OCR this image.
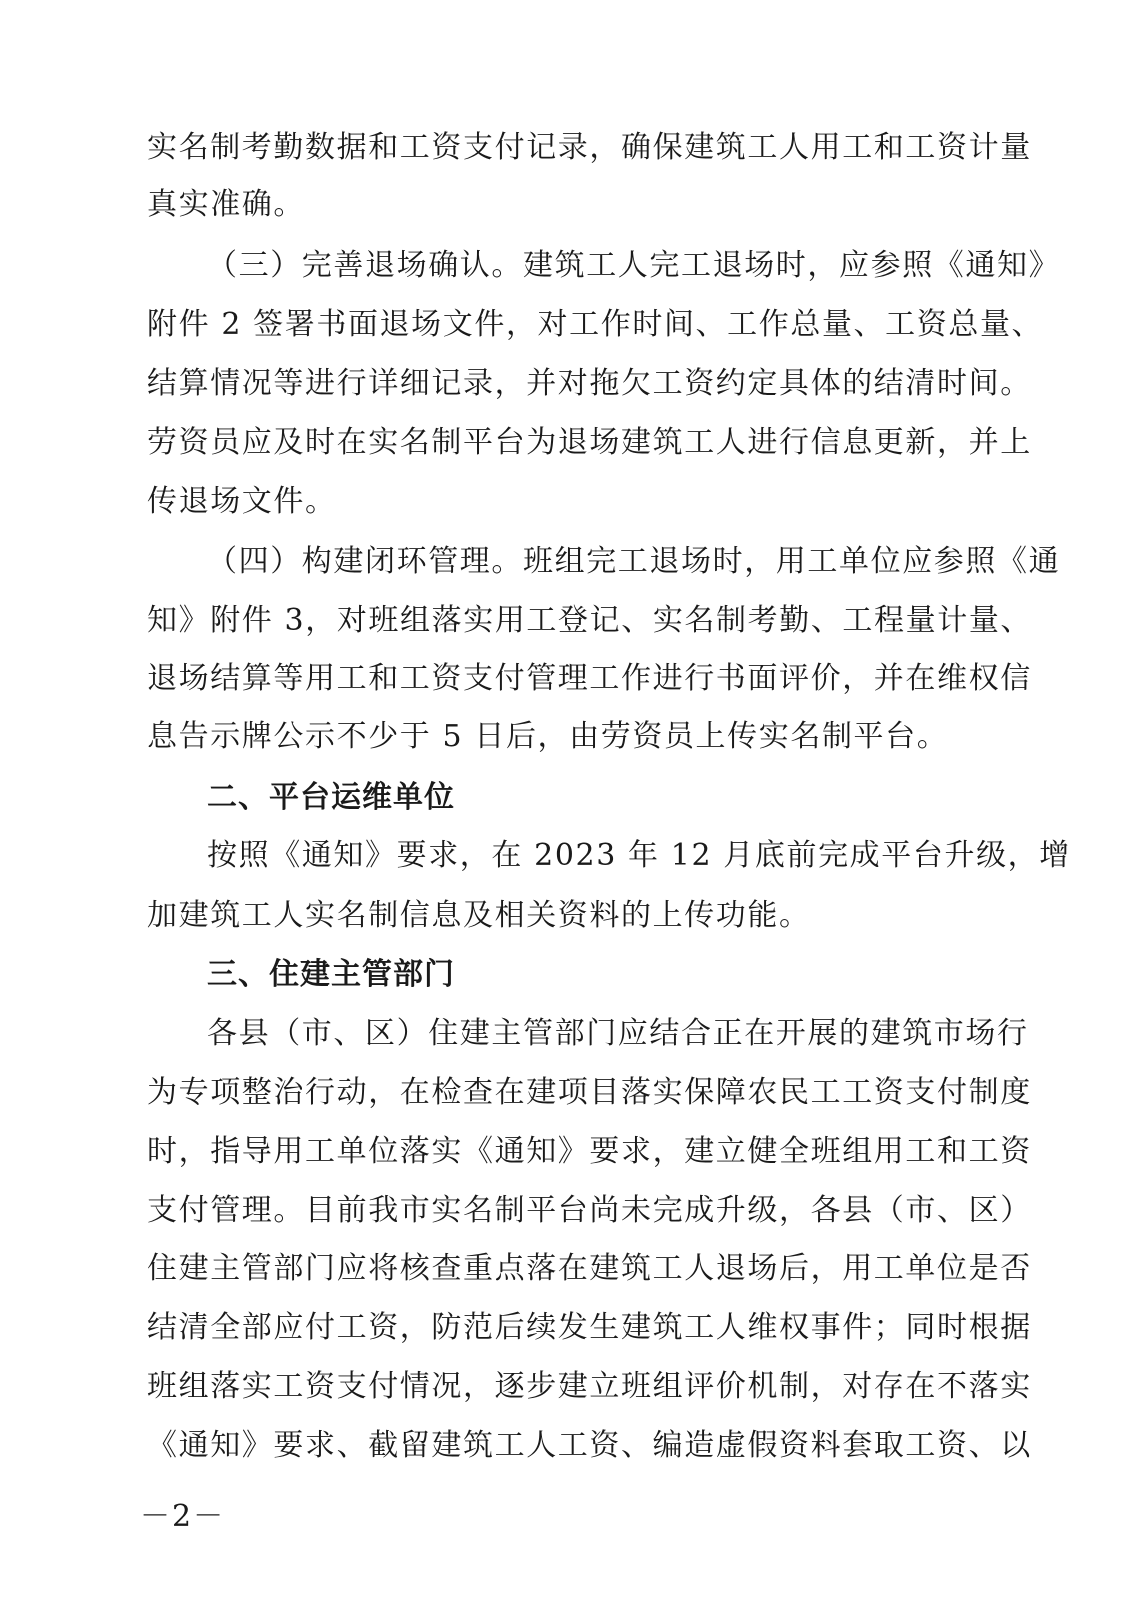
实名制考勤数据和工资支付记录，确保建筑工人用工和工资计量
真实准确。
（三）完善退场确认。建筑工人完工退场时，应参照《通知》
附件 2 签署书面退场文件，对工作时间、工作总量、工资总量、
结算情况等进行详细记录，并对拖欠工资约定具体的结清时间。
劳资员应及时在实名制平台为退场建筑工人进行信息更新，并上
传退场文件。
（四）构建闭环管理。班组完工退场时，用工单位应参照《通
知》附件 3，对班组落实用工登记、实名制考勤、工程量计量、
退场结算等用工和工资支付管理工作进行书面评价，并在维权信
息告示牌公示不少于 5 日后，由劳资员上传实名制平台。
二、平台运维单位
按照《通知》要求，在 2023 年 12 月底前完成平台升级，增
加建筑工人实名制信息及相关资料的上传功能。
三、住建主管部门
各县（市、区）住建主管部门应结合正在开展的建筑市场行
为专项整治行动，在检查在建项目落实保障农民工工资支付制度
时，指导用工单位落实《通知》要求，建立健全班组用工和工资
支付管理。目前我市实名制平台尚未完成升级，各县（市、区）
住建主管部门应将核查重点落在建筑工人退场后，用工单位是否
结清全部应付工资，防范后续发生建筑工人维权事件；同时根据
班组落实工资支付情况，逐步建立班组评价机制，对存在不落实
《通知》要求、截留建筑工人工资、编造虚假资料套取工资、以
－2－
